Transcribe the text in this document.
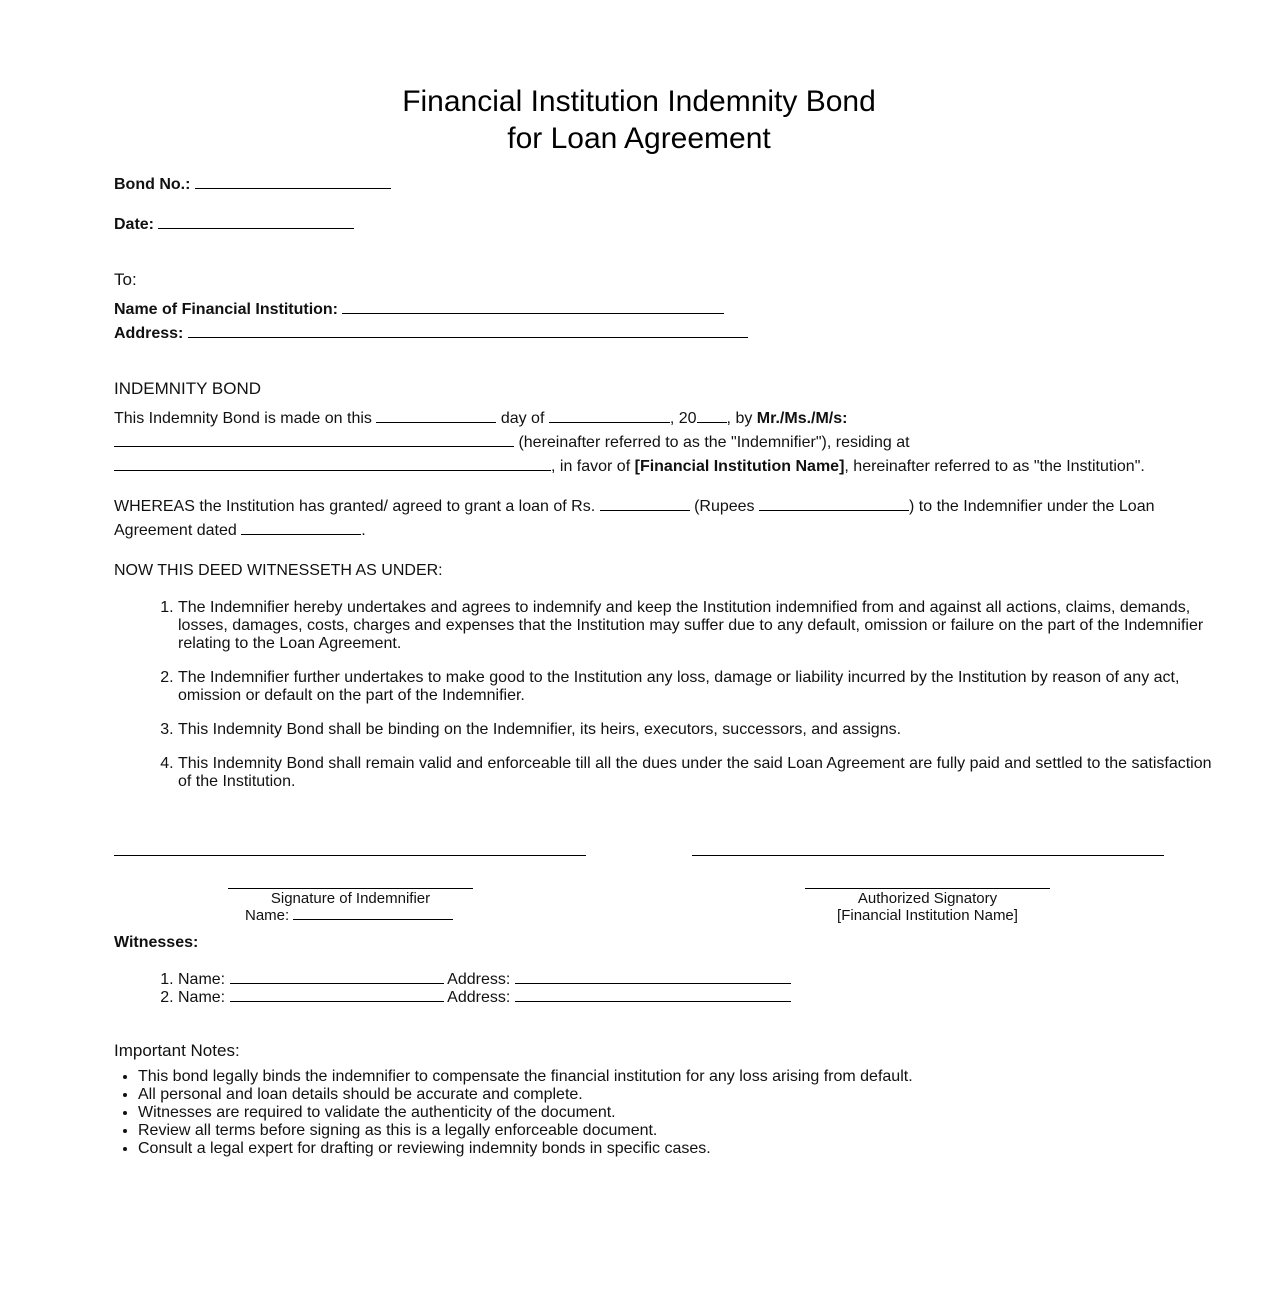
Financial Institution Indemnity Bond
for Loan Agreement
Bond No.:
Date:
To:
Name of Financial Institution:
Address:
INDEMNITY BOND
This Indemnity Bond is made on this	day of	, 20 , by Mr./Ms./M/s:
(hereinafter referred to as the "Indemnifier"), residing at
, in favor of [Financial Institution Name], hereinafter referred to as "the Institution".
WHEREAS the Institution has granted/ agreed to grant a loan of Rs.	(Rupees	) to the Indemnifier under the Loan
Agreement dated	.
NOW THIS DEED WITNESSETH AS UNDER:
1. The Indemnifier hereby undertakes and agrees to indemnify and keep the Institution indemnified from and against all actions, claims, demands, losses, damages, costs, charges and expenses that the Institution may suffer due to any default, omission or failure on the part of the Indemnifier relating to the Loan Agreement.
2. The Indemnifier further undertakes to make good to the Institution any loss, damage or liability incurred by the Institution by reason of any act, omission or default on the part of the Indemnifier.
3. This Indemnity Bond shall be binding on the Indemnifier, its heirs, executors, successors, and assigns.
4. This Indemnity Bond shall remain valid and enforceable till all the dues under the said Loan Agreement are fully paid and settled to the satisfaction of the Institution.
Signature of Indemnifier
Name:
Authorized Signatory
[Financial Institution Name]
Witnesses:
1. Name:	Address:
2. Name:	Address:
Important Notes:
• This bond legally binds the indemnifier to compensate the financial institution for any loss arising from default.
• All personal and loan details should be accurate and complete.
• Witnesses are required to validate the authenticity of the document.
• Review all terms before signing as this is a legally enforceable document.
• Consult a legal expert for drafting or reviewing indemnity bonds in specific cases.
